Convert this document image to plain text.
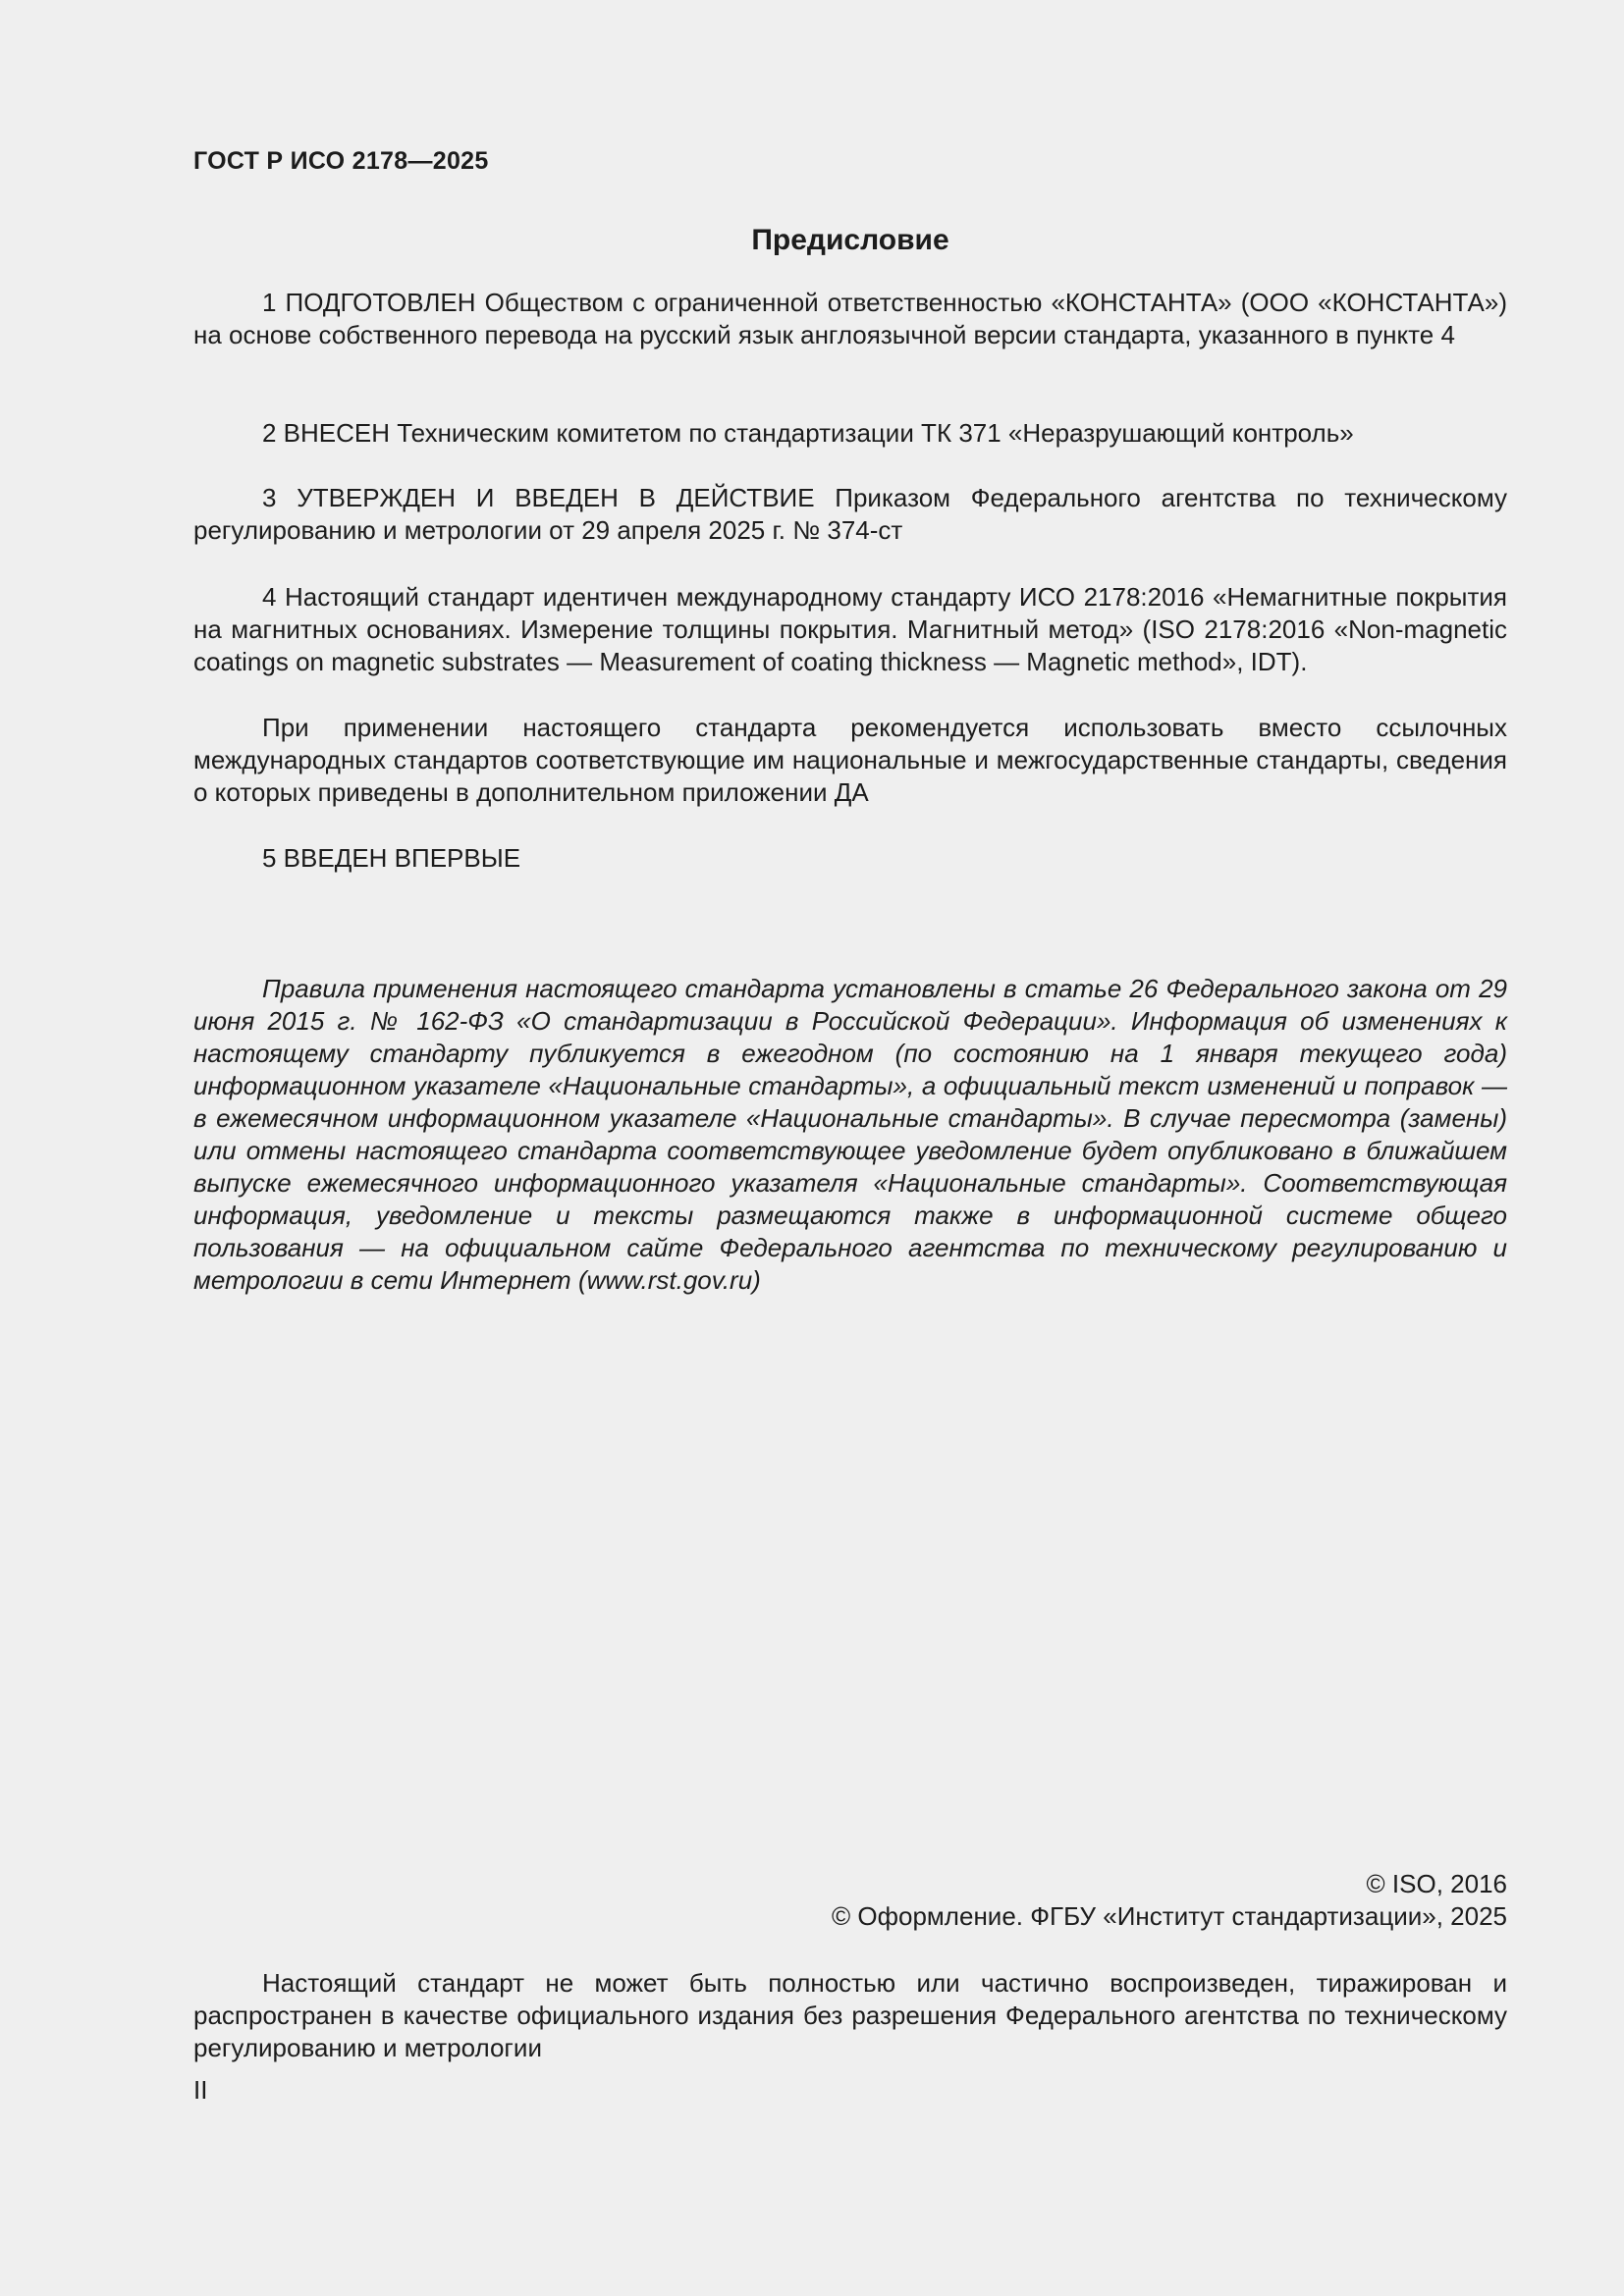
ГОСТ Р ИСО 2178—2025
Предисловие

1 ПОДГОТОВЛЕН Обществом с ограниченной ответственностью «КОНСТАНТА» (ООО «КОНСТАНТА») на основе собственного перевода на русский язык англоязычной версии стандарта, указанного в пункте 4

2 ВНЕСЕН Техническим комитетом по стандартизации ТК 371 «Неразрушающий контроль»

3 УТВЕРЖДЕН И ВВЕДЕН В ДЕЙСТВИЕ Приказом Федерального агентства по техническому регулированию и метрологии от 29 апреля 2025 г. № 374-ст

4 Настоящий стандарт идентичен международному стандарту ИСО 2178:2016 «Немагнитные покрытия на магнитных основаниях. Измерение толщины покрытия. Магнитный метод» (ISO 2178:2016 «Non-magnetic coatings on magnetic substrates — Measurement of coating thickness — Magnetic method», IDT).

При применении настоящего стандарта рекомендуется использовать вместо ссылочных международных стандартов соответствующие им национальные и межгосударственные стандарты, сведения о которых приведены в дополнительном приложении ДА

5 ВВЕДЕН ВПЕРВЫЕ

Правила применения настоящего стандарта установлены в статье 26 Федерального закона от 29 июня 2015 г. № 162-ФЗ «О стандартизации в Российской Федерации». Информация об изменениях к настоящему стандарту публикуется в ежегодном (по состоянию на 1 января текущего года) информационном указателе «Национальные стандарты», а официальный текст изменений и поправок — в ежемесячном информационном указателе «Национальные стандарты». В случае пересмотра (замены) или отмены настоящего стандарта соответствующее уведомление будет опубликовано в ближайшем выпуске ежемесячного информационного указателя «Национальные стандарты». Соответствующая информация, уведомление и тексты размещаются также в информационной системе общего пользования — на официальном сайте Федерального агентства по техническому регулированию и метрологии в сети Интернет (www.rst.gov.ru)

© ISO, 2016
© Оформление. ФГБУ «Институт стандартизации», 2025

Настоящий стандарт не может быть полностью или частично воспроизведен, тиражирован и распространен в качестве официального издания без разрешения Федерального агентства по техническому регулированию и метрологии

II
